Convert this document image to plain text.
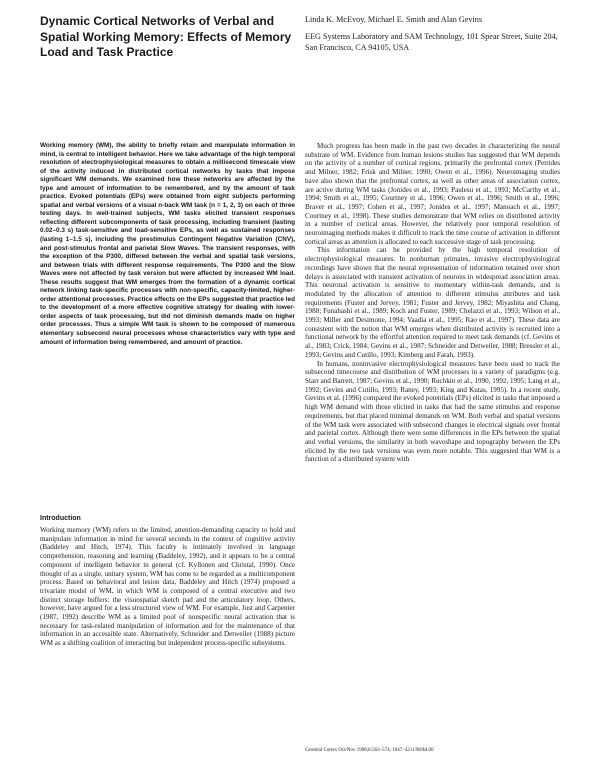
Dynamic Cortical Networks of Verbal and Spatial Working Memory: Effects of Memory Load and Task Practice

Linda K. McEvoy, Michael E. Smith and Alan Gevins

EEG Systems Laboratory and SAM Technology, 101 Spear Street, Suite 204, San Francisco, CA 94105, USA

Working memory (WM), the ability to briefly retain and manipulate information in mind, is central to intelligent behavior. Here we take advantage of the high temporal resolution of electrophysiological measures to obtain a millisecond timescale view of the activity induced in distributed cortical networks by tasks that impose significant WM demands. We examined how these networks are affected by the type and amount of information to be remembered, and by the amount of task practice. Evoked potentials (EPs) were obtained from eight subjects performing spatial and verbal versions of a visual n-back WM task (n = 1, 2, 3) on each of three testing days. In well-trained subjects, WM tasks elicited transient responses reflecting different subcomponents of task processing, including transient (lasting 0.02–0.3 s) task-sensitive and load-sensitive EPs, as well as sustained responses (lasting 1–1.5 s), including the prestimulus Contingent Negative Variation (CNV), and post-stimulus frontal and parietal Slow Waves. The transient responses, with the exception of the P300, differed between the verbal and spatial task versions, and between trials with different response requirements. The P300 and the Slow Waves were not affected by task version but were affected by increased WM load. These results suggest that WM emerges from the formation of a dynamic cortical network linking task-specific processes with non-specific, capacity-limited, higher-order attentional processes. Practice effects on the EPs suggested that practice led to the development of a more effective cognitive strategy for dealing with lower-order aspects of task processing, but did not diminish demands made on higher order processes. Thus a simple WM task is shown to be composed of numerous elementary subsecond neural processes whose characteristics vary with type and amount of information being remembered, and amount of practice.

Introduction

Working memory (WM) refers to the limited, attention-demanding capacity to hold and manipulate information in mind for several seconds in the context of cognitive activity (Baddeley and Hitch, 1974). This faculty is intimately involved in language comprehension, reasoning and learning (Baddeley, 1992), and it appears to be a central component of intelligent behavior in general (cf. Kyllonen and Christal, 1990). Once thought of as a single, unitary system, WM has come to be regarded as a multicomponent process. Based on behavioral and lesion data, Baddeley and Hitch (1974) proposed a trivariate model of WM, in which WM is composed of a central executive and two distinct storage buffers: the visuospatial sketch pad and the articulatory loop. Others, however, have argued for a less structured view of WM. For example, Just and Carpenter (1987, 1992) describe WM as a limited pool of nonspecific neural activation that is necessary for task-related manipulation of information and for the maintenance of that information in an accessible state. Alternatively, Schneider and Detweiler (1988) picture WM as a shifting coalition of interacting but independent process-specific subsystems.

Much progress has been made in the past two decades in characterizing the neural substrate of WM. Evidence from human lesions studies has suggested that WM depends on the activity of a number of cortical regions, primarily the prefrontal cortex (Petrides and Milner, 1982; Frisk and Milner, 1990; Owen et al., 1996). Neuroimaging studies have also shown that the prefrontal cortex, as well as other areas of association cortex, are active during WM tasks (Jonides et al., 1993; Paulesu et al., 1993; McCarthy et al., 1994; Smith et al., 1995; Courtney et al., 1996; Owen et al., 1996; Smith et al., 1996; Braver et al., 1997; Cohen et al., 1997; Jonides et al., 1997; Manoach et al., 1997; Courtney et al., 1998). These studies demonstrate that WM relies on distributed activity in a number of cortical areas. However, the relatively poor temporal resolution of neuroimaging methods makes it difficult to track the time course of activation in different cortical areas as attention is allocated to each successive stage of task processing.

This information can be provided by the high temporal resolution of electrophysiological measures. In nonhuman primates, invasive electrophysiological recordings have shown that the neural representation of information retained over short delays is associated with transient activation of neurons in widespread association areas. This neuronal activation is sensitive to momentary within-task demands, and is modulated by the allocation of attention to different stimulus attributes and task requirements (Fuster and Jervey, 1981; Fuster and Jervey, 1982; Miyashita and Chang, 1988; Funahashi et al., 1989; Koch and Fuster, 1989; Chelazzi et al., 1993; Wilson et al., 1993; Miller and Desimone, 1994; Vaadia et al., 1995; Rao et al., 1997). These data are consistent with the notion that WM emerges when distributed activity is recruited into a functional network by the effortful attention required to meet task demands (cf. Gevins et al., 1983; Crick, 1984; Gevins et al., 1987; Schneider and Detweiler, 1988; Bressler et al., 1993; Gevins and Cutillo, 1993; Kimberg and Farah, 1993).

In humans, noninvasive electrophysiological measures have been used to track the subsecond timecourse and distribution of WM processes in a variety of paradigms (e.g. Starr and Barrett, 1987; Gevins et al., 1990; Ruchkin et al., 1990, 1992, 1995; Lang et al., 1992; Gevins and Cutillo, 1993; Raney, 1993; King and Kutas, 1995). In a recent study, Gevins et al. (1996) compared the evoked potentials (EPs) elicited in tasks that imposed a high WM demand with those elicited in tasks that had the same stimulus and response requirements, but that placed minimal demands on WM. Both verbal and spatial versions of the WM task were associated with subsecond changes in electrical signals over frontal and parietal cortex. Although there were some differences in the EPs between the spatial and verbal versions, the similarity in both waveshape and topography between the EPs elicited by the two task versions was even more notable. This suggested that WM is a function of a distributed system with

Cerebral Cortex Oct/Nov 1998;8:563–574; 1047–3211/98/$4.00
